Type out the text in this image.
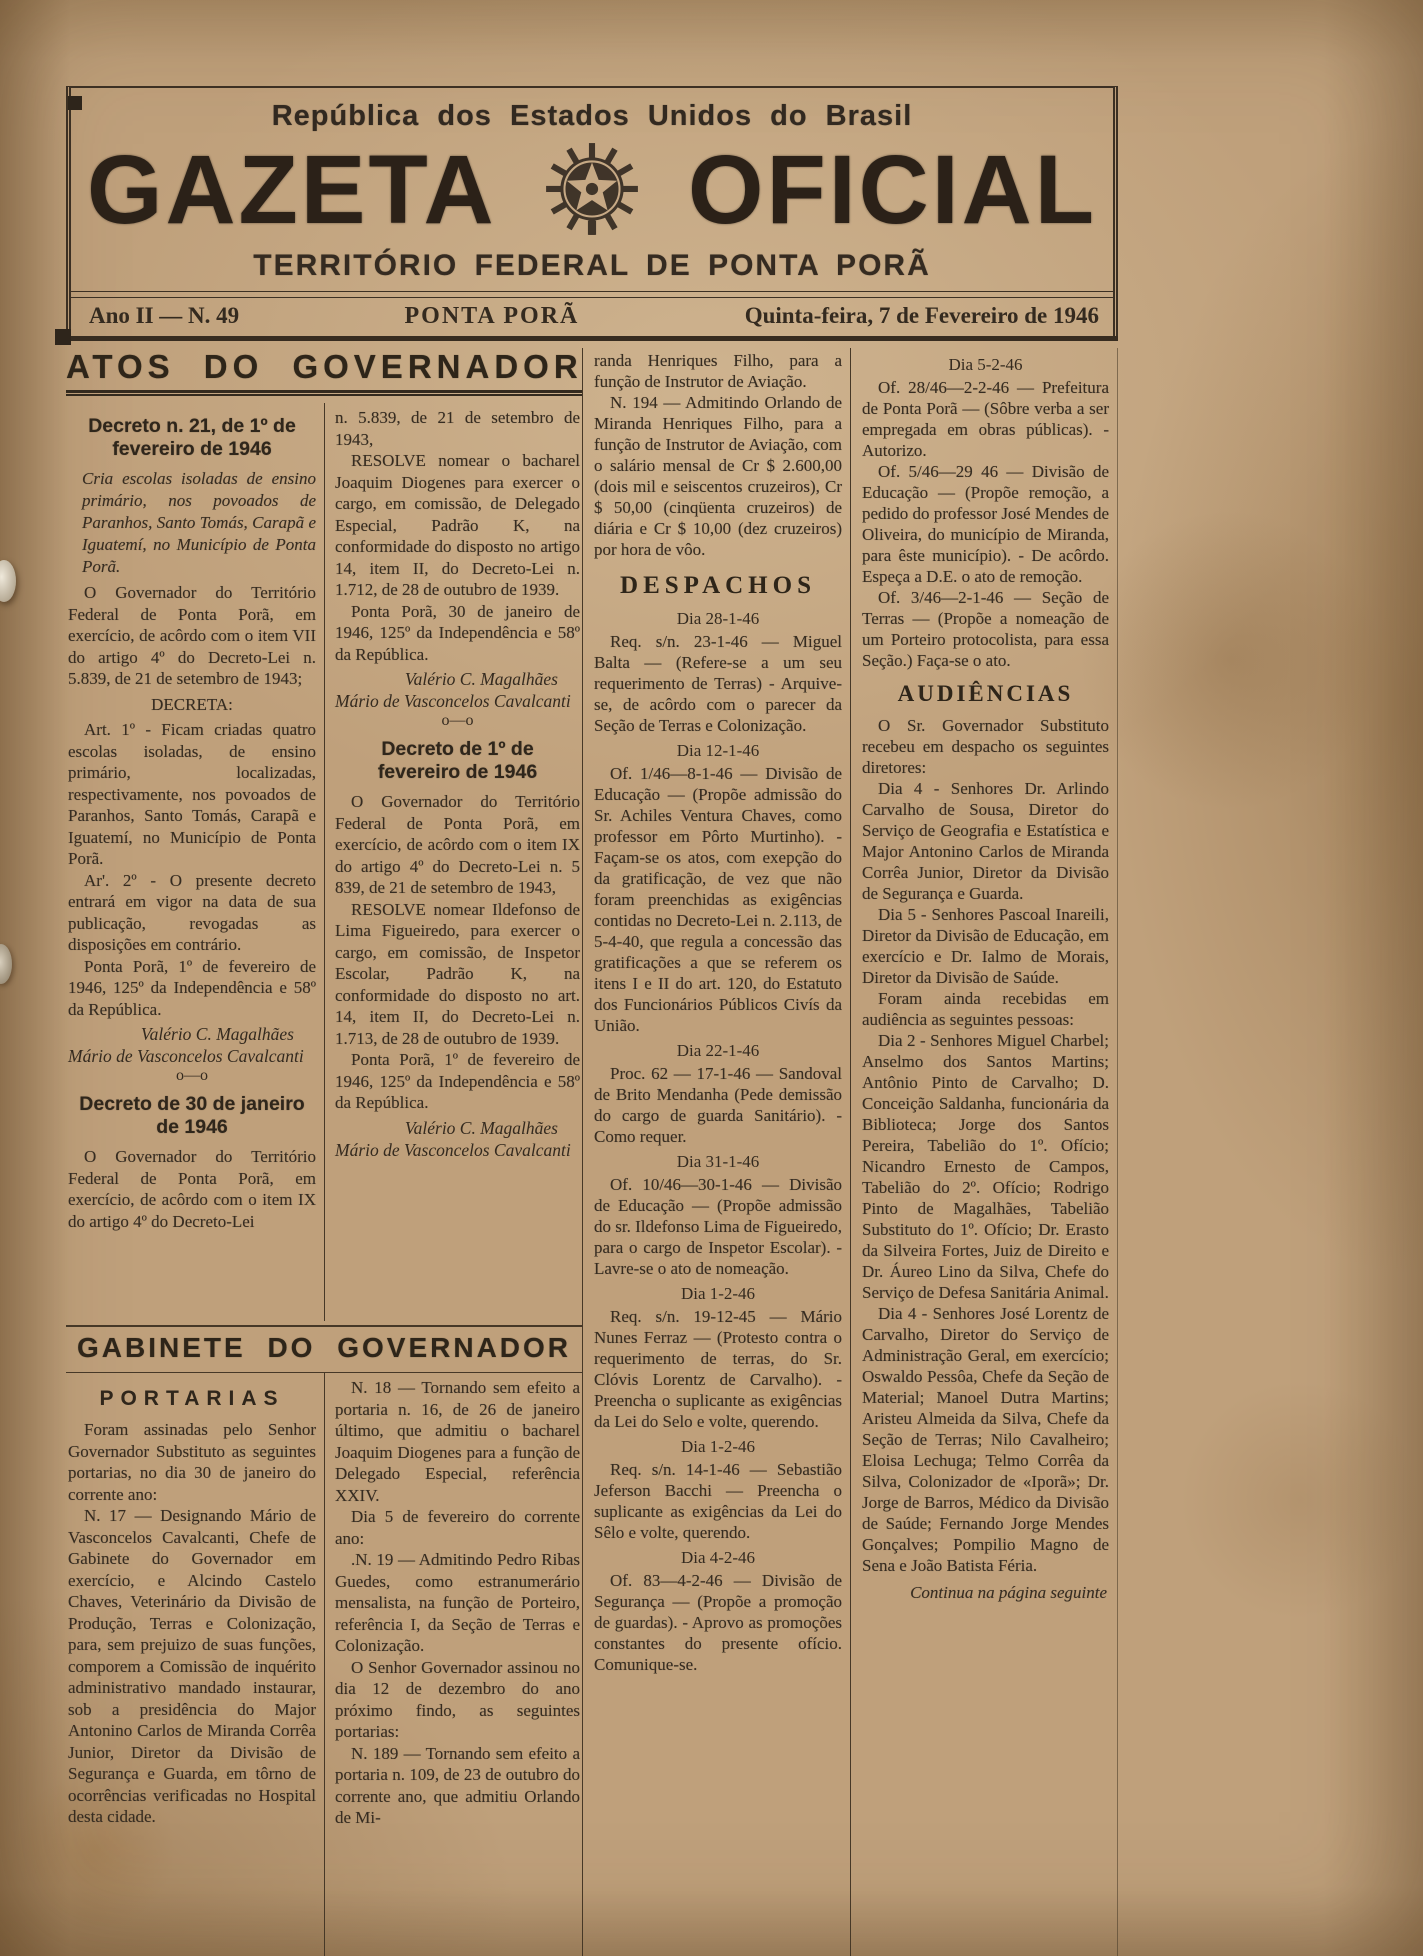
República dos Estados Unidos do Brasil
GAZETA OFICIAL
TERRITÓRIO FEDERAL DE PONTA PORÃ
Ano II — N. 49	PONTA PORÃ	Quinta-feira, 7 de Fevereiro de 1946
ATOS DO GOVERNADOR

Decreto n. 21, de 1º de fevereiro de 1946

Cria escolas isoladas de ensino primário, nos povoados de Paranhos, Santo Tomás, Carapã e Iguatemí, no Município de Ponta Porã.

O Governador do Território Federal de Ponta Porã, em exercício, de acôrdo com o item VII do artigo 4º do Decreto-Lei n. 5.839, de 21 de setembro de 1943;

DECRETA:

Art. 1º - Ficam criadas quatro escolas isoladas, de ensino primário, localizadas, respectivamente, nos povoados de Paranhos, Santo Tomás, Carapã e Iguatemí, no Município de Ponta Porã.

Ar'. 2º - O presente decreto entrará em vigor na data de sua publicação, revogadas as disposições em contrário.

Ponta Porã, 1º de fevereiro de 1946, 125º da Independência e 58º da República.

Valério C. Magalhães

Mário de Vasconcelos Cavalcanti

o—o

Decreto de 30 de janeiro de 1946

O Governador do Território Federal de Ponta Porã, em exercício, de acôrdo com o item IX do artigo 4º do Decreto-Lei

n. 5.839, de 21 de setembro de 1943,

RESOLVE nomear o bacharel Joaquim Diogenes para exercer o cargo, em comissão, de Delegado Especial, Padrão K, na conformidade do disposto no artigo 14, item II, do Decreto-Lei n. 1.712, de 28 de outubro de 1939.

Ponta Porã, 30 de janeiro de 1946, 125º da Independência e 58º da República.

Valério C. Magalhães

Mário de Vasconcelos Cavalcanti

o—o

Decreto de 1º de fevereiro de 1946

O Governador do Território Federal de Ponta Porã, em exercício, de acôrdo com o item IX do artigo 4º do Decreto-Lei n. 5 839, de 21 de setembro de 1943,

RESOLVE nomear Ildefonso de Lima Figueiredo, para exercer o cargo, em comissão, de Inspetor Escolar, Padrão K, na conformidade do disposto no art. 14, item II, do Decreto-Lei n. 1.713, de 28 de outubro de 1939.

Ponta Porã, 1º de fevereiro de 1946, 125º da Independência e 58º da República.

Valério C. Magalhães

Mário de Vasconcelos Cavalcanti

GABINETE DO GOVERNADOR

PORTARIAS

Foram assinadas pelo Senhor Governador Substituto as seguintes portarias, no dia 30 de janeiro do corrente ano:

N. 17 — Designando Mário de Vasconcelos Cavalcanti, Chefe de Gabinete do Governador em exercício, e Alcindo Castelo Chaves, Veterinário da Divisão de Produção, Terras e Colonização, para, sem prejuizo de suas funções, comporem a Comissão de inquérito administrativo mandado instaurar, sob a presidência do Major Antonino Carlos de Miranda Corrêa Junior, Diretor da Divisão de Segurança e Guarda, em tôrno de ocorrências verificadas no Hospital desta cidade.

N. 18 — Tornando sem efeito a portaria n. 16, de 26 de janeiro último, que admitiu o bacharel Joaquim Diogenes para a função de Delegado Especial, referência XXIV.

Dia 5 de fevereiro do corrente ano:

.N. 19 — Admitindo Pedro Ribas Guedes, como estranumerário mensalista, na função de Porteiro, referência I, da Seção de Terras e Colonização.

O Senhor Governador assinou no dia 12 de dezembro do ano próximo findo, as seguintes portarias:

N. 189 — Tornando sem efeito a portaria n. 109, de 23 de outubro do corrente ano, que admitiu Orlando de Mi-

randa Henriques Filho, para a função de Instrutor de Aviação.

N. 194 — Admitindo Orlando de Miranda Henriques Filho, para a função de Instrutor de Aviação, com o salário mensal de Cr $ 2.600,00 (dois mil e seiscentos cruzeiros), Cr $ 50,00 (cinqüenta cruzeiros) de diária e Cr $ 10,00 (dez cruzeiros) por hora de vôo.

DESPACHOS

Dia 28-1-46

Req. s/n. 23-1-46 — Miguel Balta — (Refere-se a um seu requerimento de Terras) - Arquive-se, de acôrdo com o parecer da Seção de Terras e Colonização.

Dia 12-1-46

Of. 1/46—8-1-46 — Divisão de Educação — (Propõe admissão do Sr. Achiles Ventura Chaves, como professor em Pôrto Murtinho). - Façam-se os atos, com exepção do da gratificação, de vez que não foram preenchidas as exigências contidas no Decreto-Lei n. 2.113, de 5-4-40, que regula a concessão das gratificações a que se referem os itens I e II do art. 120, do Estatuto dos Funcionários Públicos Civís da União.

Dia 22-1-46

Proc. 62 — 17-1-46 — Sandoval de Brito Mendanha (Pede demissão do cargo de guarda Sanitário). - Como requer.

Dia 31-1-46

Of. 10/46—30-1-46 — Divisão de Educação — (Propõe admissão do sr. Ildefonso Lima de Figueiredo, para o cargo de Inspetor Escolar). - Lavre-se o ato de nomeação.

Dia 1-2-46

Req. s/n. 19-12-45 — Mário Nunes Ferraz — (Protesto contra o requerimento de terras, do Sr. Clóvis Lorentz de Carvalho). - Preencha o suplicante as exigências da Lei do Selo e volte, querendo.

Dia 1-2-46

Req. s/n. 14-1-46 — Sebastião Jeferson Bacchi — Preencha o suplicante as exigências da Lei do Sêlo e volte, querendo.

Dia 4-2-46

Of. 83—4-2-46 — Divisão de Segurança — (Propõe a promoção de guardas). - Aprovo as promoções constantes do presente ofício. Comunique-se.

Dia 5-2-46

Of. 28/46—2-2-46 — Prefeitura de Ponta Porã — (Sôbre verba a ser empregada em obras públicas). - Autorizo.

Of. 5/46—29 46 — Divisão de Educação — (Propõe remoção, a pedido do professor José Mendes de Oliveira, do município de Miranda, para êste município). - De acôrdo. Espeça a D.E. o ato de remoção.

Of. 3/46—2-1-46 — Seção de Terras — (Propõe a nomeação de um Porteiro protocolista, para essa Seção.) Faça-se o ato.

AUDIÊNCIAS

O Sr. Governador Substituto recebeu em despacho os seguintes diretores:

Dia 4 - Senhores Dr. Arlindo Carvalho de Sousa, Diretor do Serviço de Geografia e Estatística e Major Antonino Carlos de Miranda Corrêa Junior, Diretor da Divisão de Segurança e Guarda.

Dia 5 - Senhores Pascoal Inareili, Diretor da Divisão de Educação, em exercício e Dr. Ialmo de Morais, Diretor da Divisão de Saúde.

Foram ainda recebidas em audiência as seguintes pessoas:

Dia 2 - Senhores Miguel Charbel; Anselmo dos Santos Martins; Antônio Pinto de Carvalho; D. Conceição Saldanha, funcionária da Biblioteca; Jorge dos Santos Pereira, Tabelião do 1º. Ofício; Nicandro Ernesto de Campos, Tabelião do 2º. Ofício; Rodrigo Pinto de Magalhães, Tabelião Substituto do 1º. Ofício; Dr. Erasto da Silveira Fortes, Juiz de Direito e Dr. Áureo Lino da Silva, Chefe do Serviço de Defesa Sanitária Animal.

Dia 4 - Senhores José Lorentz de Carvalho, Diretor do Serviço de Administração Geral, em exercício; Oswaldo Pessôa, Chefe da Seção de Material; Manoel Dutra Martins; Aristeu Almeida da Silva, Chefe da Seção de Terras; Nilo Cavalheiro; Eloisa Lechuga; Telmo Corrêa da Silva, Colonizador de «Iporã»; Dr. Jorge de Barros, Médico da Divisão de Saúde; Fernando Jorge Mendes Gonçalves; Pompilio Magno de Sena e João Batista Féria.

Continua na página seguinte
